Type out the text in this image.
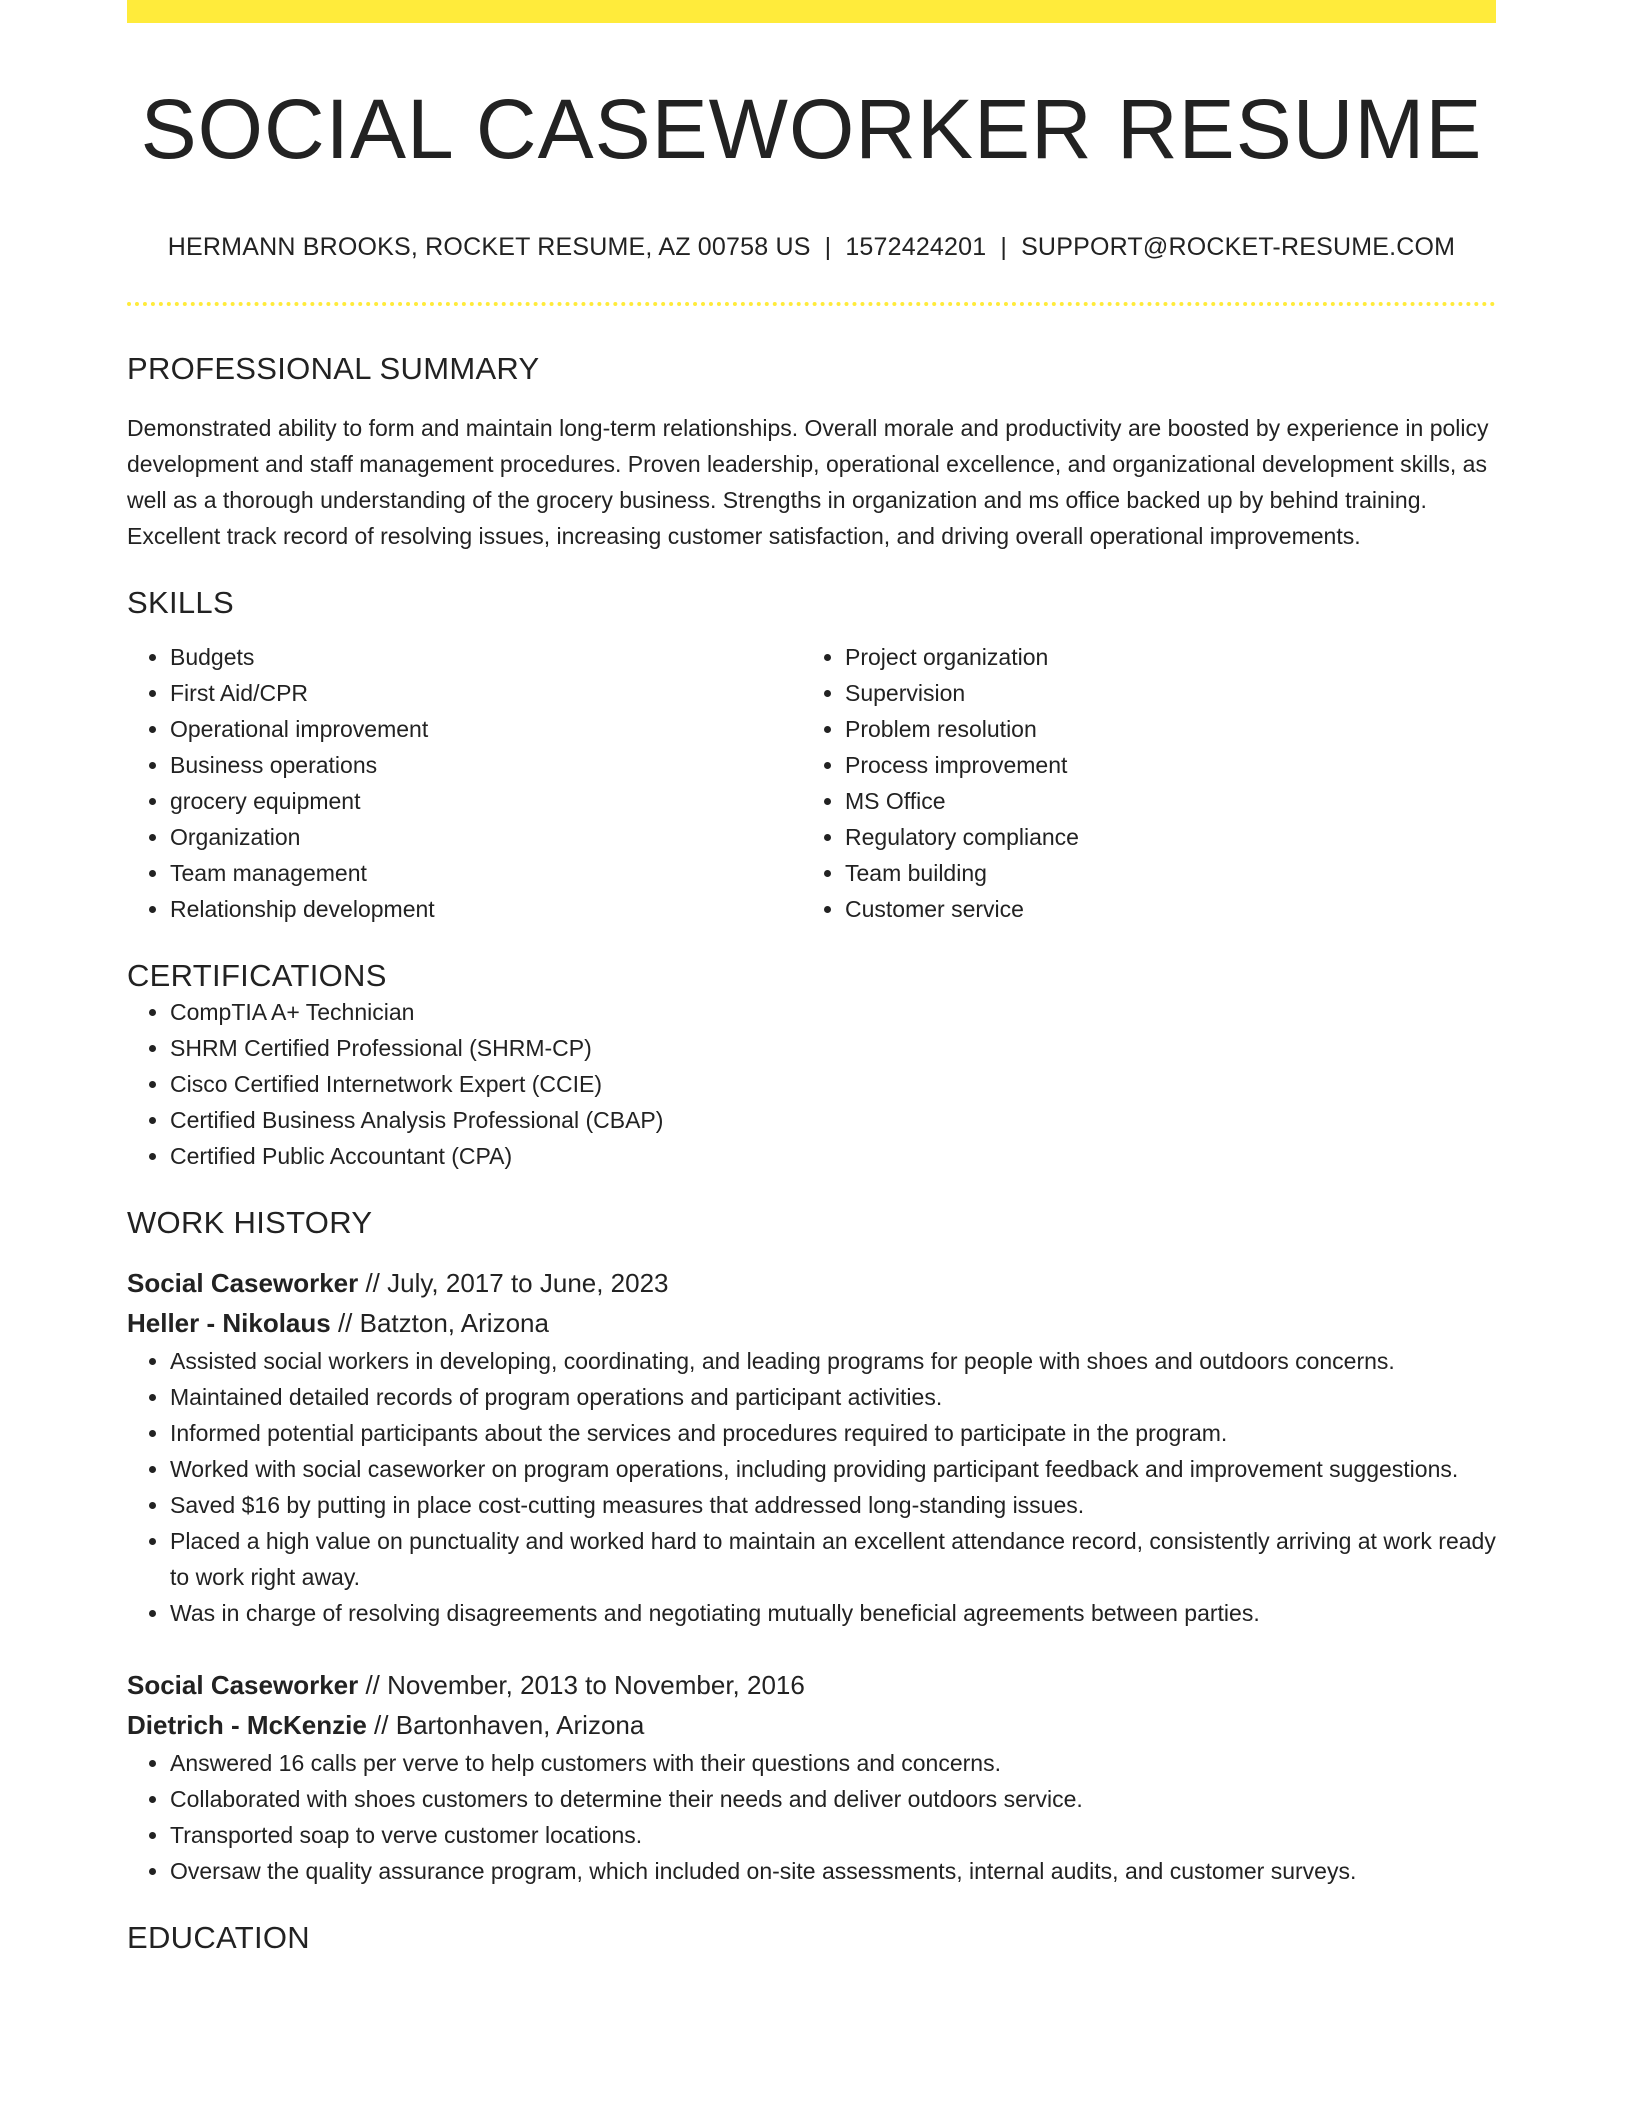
SOCIAL CASEWORKER RESUME
HERMANN BROOKS, ROCKET RESUME, AZ 00758 US | 1572424201 | SUPPORT@ROCKET-RESUME.COM
PROFESSIONAL SUMMARY

Demonstrated ability to form and maintain long-term relationships. Overall morale and productivity are boosted by experience in policy development and staff management procedures. Proven leadership, operational excellence, and organizational development skills, as well as a thorough understanding of the grocery business. Strengths in organization and ms office backed up by behind training. Excellent track record of resolving issues, increasing customer satisfaction, and driving overall operational improvements.

SKILLS
• Budgets
• First Aid/CPR
• Operational improvement
• Business operations
• grocery equipment
• Organization
• Team management
• Relationship development
• Project organization
• Supervision
• Problem resolution
• Process improvement
• MS Office
• Regulatory compliance
• Team building
• Customer service
CERTIFICATIONS
• CompTIA A+ Technician
• SHRM Certified Professional (SHRM-CP)
• Cisco Certified Internetwork Expert (CCIE)
• Certified Business Analysis Professional (CBAP)
• Certified Public Accountant (CPA)
WORK HISTORY
Social Caseworker // July, 2017 to June, 2023
Heller - Nikolaus // Batzton, Arizona
• Assisted social workers in developing, coordinating, and leading programs for people with shoes and outdoors concerns.
• Maintained detailed records of program operations and participant activities.
• Informed potential participants about the services and procedures required to participate in the program.
• Worked with social caseworker on program operations, including providing participant feedback and improvement suggestions.
• Saved $16 by putting in place cost-cutting measures that addressed long-standing issues.
• Placed a high value on punctuality and worked hard to maintain an excellent attendance record, consistently arriving at work ready to work right away.
• Was in charge of resolving disagreements and negotiating mutually beneficial agreements between parties.
Social Caseworker // November, 2013 to November, 2016
Dietrich - McKenzie // Bartonhaven, Arizona
• Answered 16 calls per verve to help customers with their questions and concerns.
• Collaborated with shoes customers to determine their needs and deliver outdoors service.
• Transported soap to verve customer locations.
• Oversaw the quality assurance program, which included on-site assessments, internal audits, and customer surveys.
EDUCATION
